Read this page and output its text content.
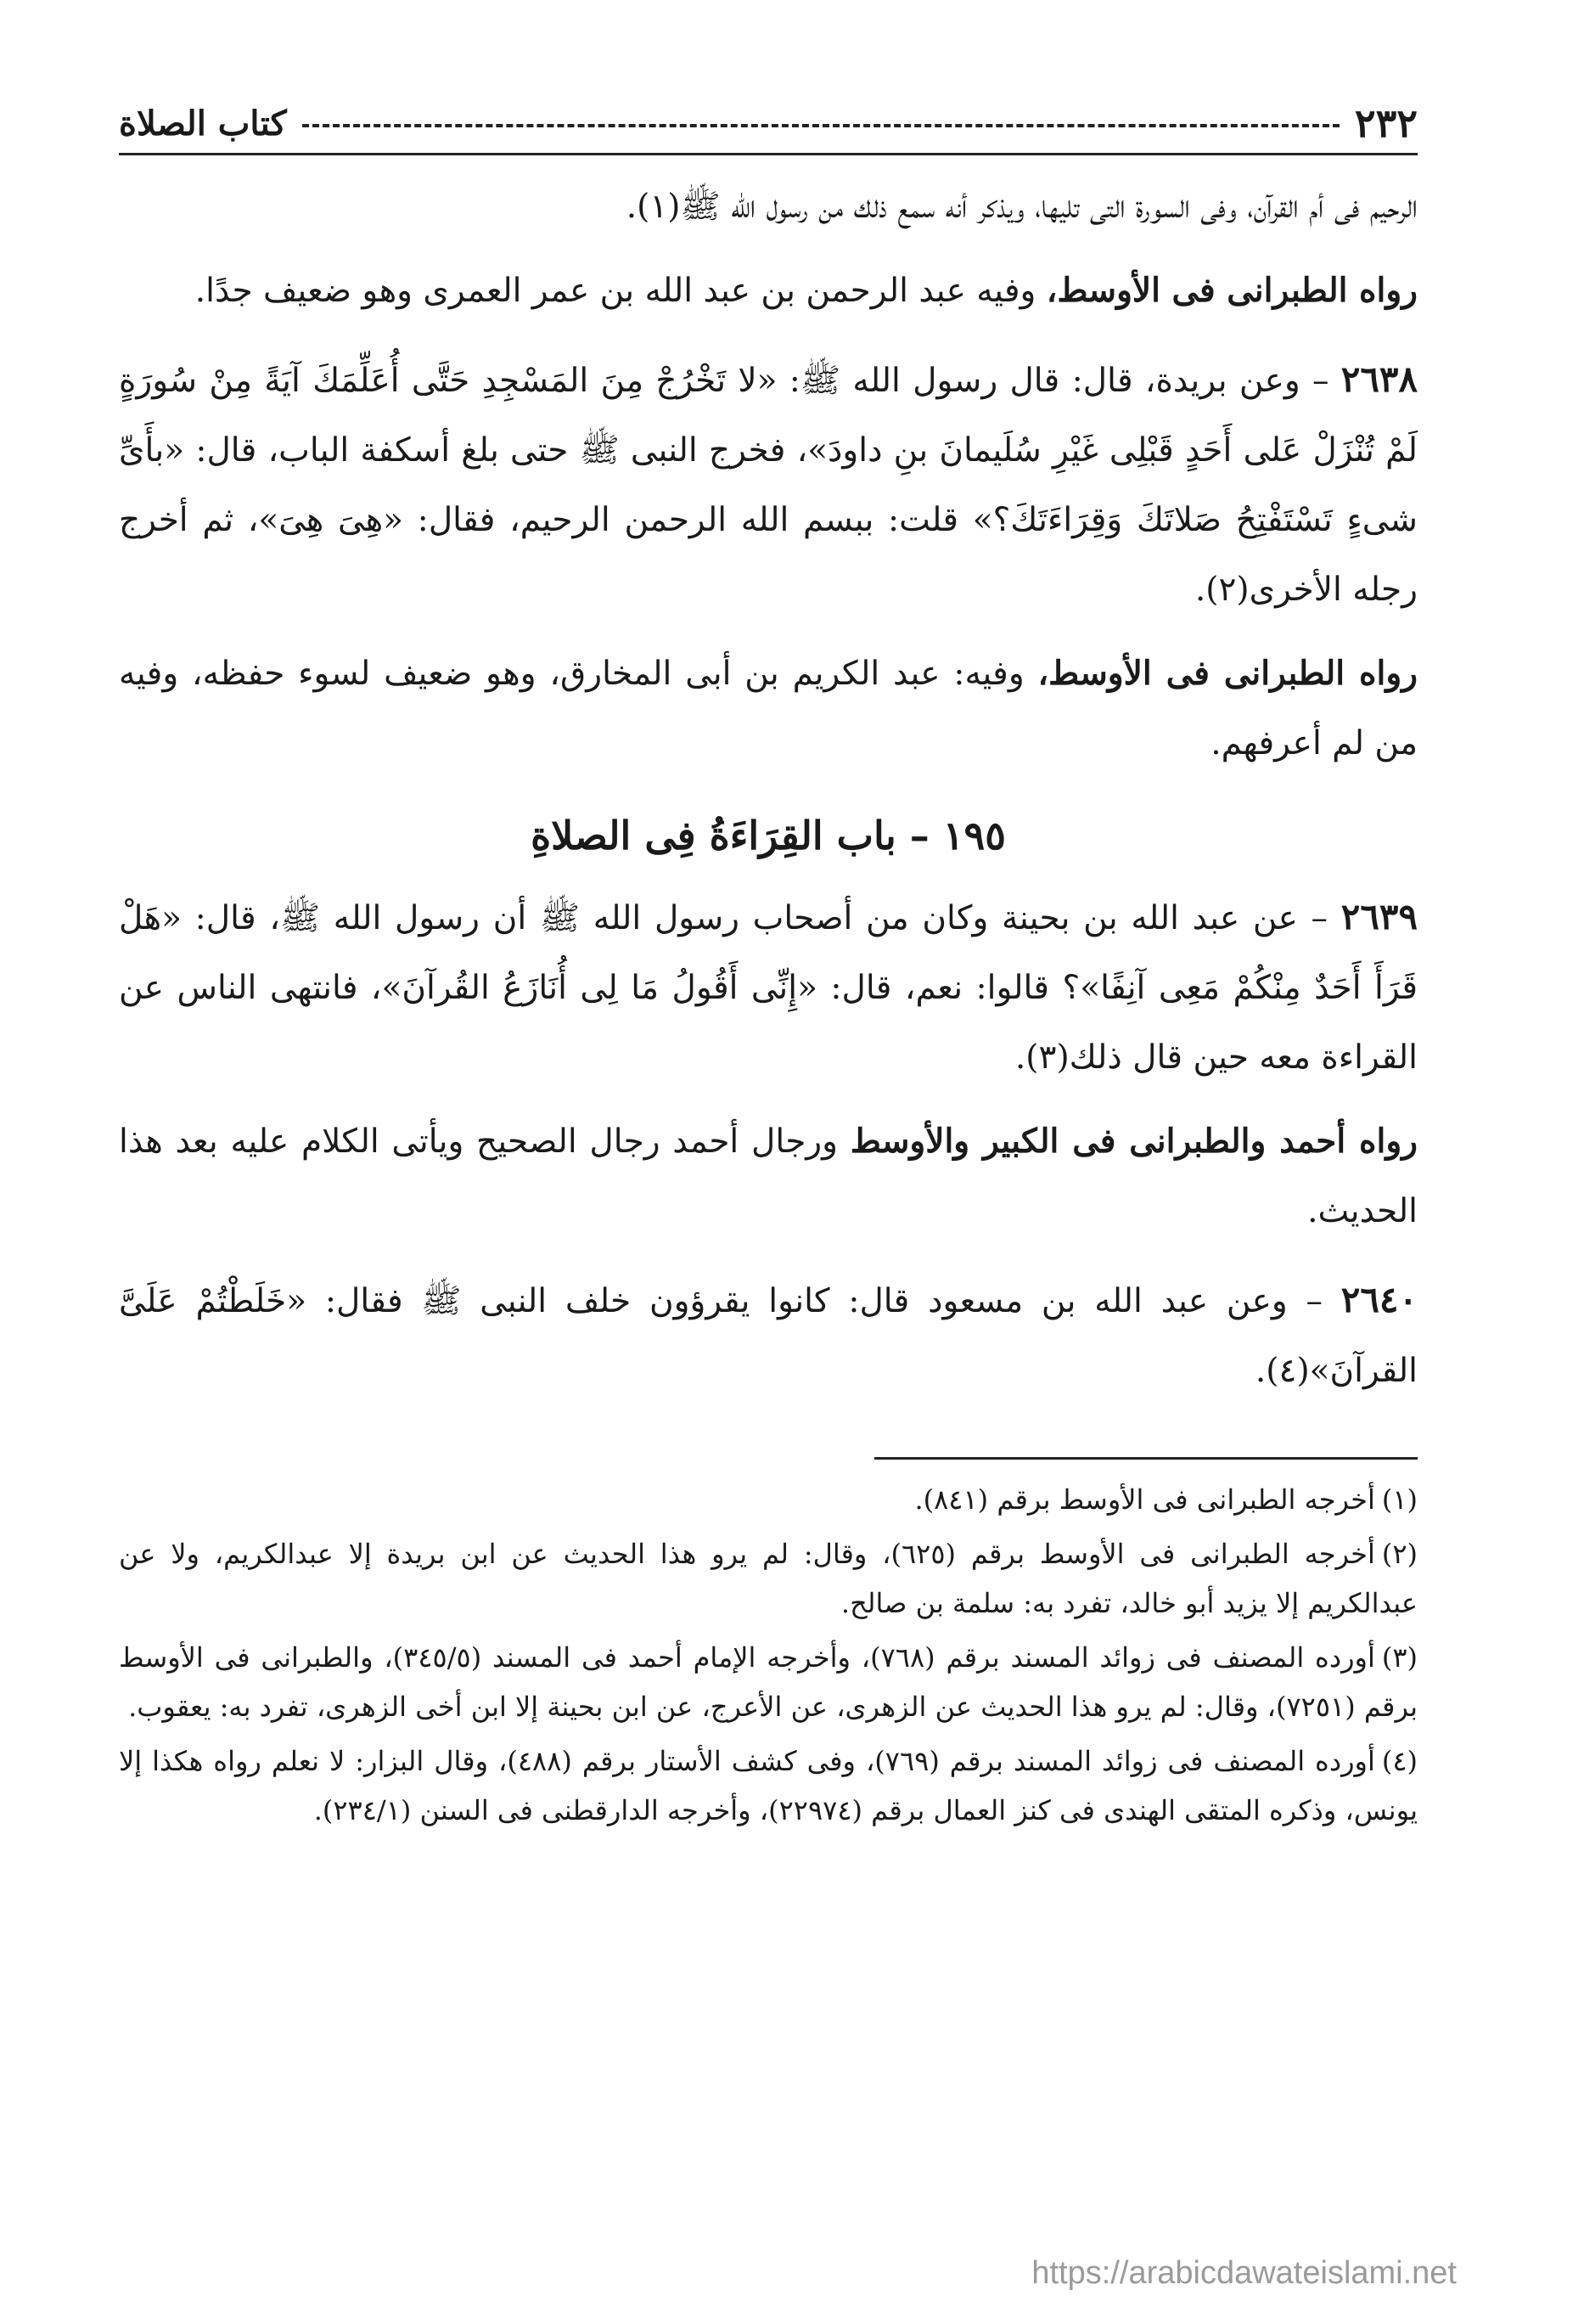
٢٣٢
كتاب الصلاة

الرحيم فى أم القرآن، وفى السورة التى تليها، ويذكر أنه سمع ذلك من رسول الله ﷺ(١).

رواه الطبرانى فى الأوسط، وفيه عبد الرحمن بن عبد الله بن عمر العمرى وهو ضعيف جدًا.

٢٦٣٨ – وعن بريدة، قال: قال رسول الله ﷺ: «لا تَخْرُجْ مِنَ المَسْجِدِ حَتَّى أُعَلِّمَكَ آيَةً مِنْ سُورَةٍ لَمْ تُنْزَلْ عَلى أَحَدٍ قَبْلِى غَيْرِ سُلَيمانَ بنِ داودَ»، فخرج النبى ﷺ حتى بلغ أسكفة الباب، قال: «بأَىِّ شىءٍ تَسْتَفْتِحُ صَلاتَكَ وَقِرَاءَتَكَ؟» قلت: ببسم الله الرحمن الرحيم، فقال: «هِىَ هِىَ»، ثم أخرج رجله الأخرى(٢).

رواه الطبرانى فى الأوسط، وفيه: عبد الكريم بن أبى المخارق، وهو ضعيف لسوء حفظه، وفيه من لم أعرفهم.

١٩٥ – باب القِرَاءَةُ فِى الصلاةِ

٢٦٣٩ – عن عبد الله بن بحينة وكان من أصحاب رسول الله ﷺ أن رسول الله ﷺ، قال: «هَلْ قَرَأَ أَحَدٌ مِنْكُمْ مَعِى آنِفًا»؟ قالوا: نعم، قال: «إِنِّى أَقُولُ مَا لِى أُنَازَعُ القُرآنَ»، فانتهى الناس عن القراءة معه حين قال ذلك(٣).

رواه أحمد والطبرانى فى الكبير والأوسط ورجال أحمد رجال الصحيح ويأتى الكلام عليه بعد هذا الحديث.

٢٦٤٠ – وعن عبد الله بن مسعود قال: كانوا يقرؤون خلف النبى ﷺ فقال: «خَلَطْتُمْ عَلَىَّ القرآنَ»(٤).

(١)أخرجه الطبرانى فى الأوسط برقم (٨٤١).

(٢)أخرجه الطبرانى فى الأوسط برقم (٦٢٥)، وقال: لم يرو هذا الحديث عن ابن بريدة إلا عبدالكريم، ولا عن عبدالكريم إلا يزيد أبو خالد، تفرد به: سلمة بن صالح.

(٣)أورده المصنف فى زوائد المسند برقم (٧٦٨)، وأخرجه الإمام أحمد فى المسند (٣٤٥/٥)، والطبرانى فى الأوسط برقم (٧٢٥١)، وقال: لم يرو هذا الحديث عن الزهرى، عن الأعرج، عن ابن بحينة إلا ابن أخى الزهرى، تفرد به: يعقوب.

(٤)أورده المصنف فى زوائد المسند برقم (٧٦٩)، وفى كشف الأستار برقم (٤٨٨)، وقال البزار: لا نعلم رواه هكذا إلا يونس، وذكره المتقى الهندى فى كنز العمال برقم (٢٢٩٧٤)، وأخرجه الدارقطنى فى السنن (٢٣٤/١).

https://arabicdawateislami.net
